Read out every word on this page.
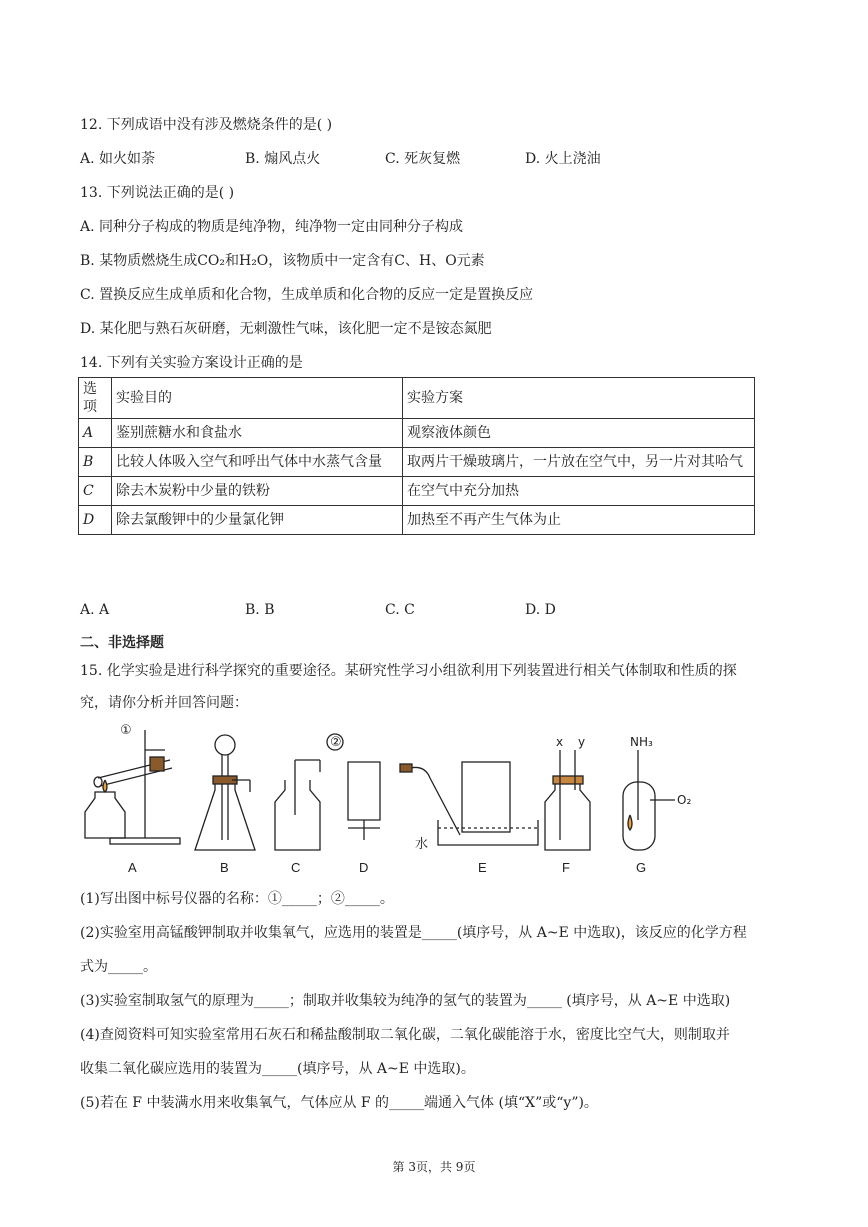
12. 下列成语中没有涉及燃烧条件的是( )
A. 如火如荼	B. 煽风点火	C. 死灰复燃	D. 火上浇油
13. 下列说法正确的是( )
A. 同种分子构成的物质是纯净物，纯净物一定由同种分子构成
B. 某物质燃烧生成CO₂和H₂O，该物质中一定含有C、H、O元素
C. 置换反应生成单质和化合物，生成单质和化合物的反应一定是置换反应
D. 某化肥与熟石灰研磨，无刺激性气味，该化肥一定不是铵态氮肥
14. 下列有关实验方案设计正确的是
选项	实验目的	实验方案
A	鉴别蔗糖水和食盐水	观察液体颜色
B	比较人体吸入空气和呼出气体中水蒸气含量	取两片干燥玻璃片，一片放在空气中，另一片对其哈气
C	除去木炭粉中少量的铁粉	在空气中充分加热
D	除去氯酸钾中的少量氯化钾	加热至不再产生气体为止
A. A	B. B	C. C	D. D
二、非选择题
15. 化学实验是进行科学探究的重要途径。某研究性学习小组欲利用下列装置进行相关气体制取和性质的探
究，请你分析并回答问题：
①
②
水
x y	NH₃
O₂
A	B	C	D	E	F	G
(1)写出图中标号仪器的名称：①_____；②_____。
(2)实验室用高锰酸钾制取并收集氧气，应选用的装置是_____(填序号，从 A~E 中选取)，该反应的化学方程
式为_____。
(3)实验室制取氢气的原理为_____；制取并收集较为纯净的氢气的装置为_____ (填序号，从 A~E 中选取)
(4)查阅资料可知实验室常用石灰石和稀盐酸制取二氧化碳，二氧化碳能溶于水，密度比空气大，则制取并
收集二氧化碳应选用的装置为_____(填序号，从 A~E 中选取)。
(5)若在 F 中装满水用来收集氧气，气体应从 F 的_____端通入气体 (填“X”或“y”)。
第 3页，共 9页
